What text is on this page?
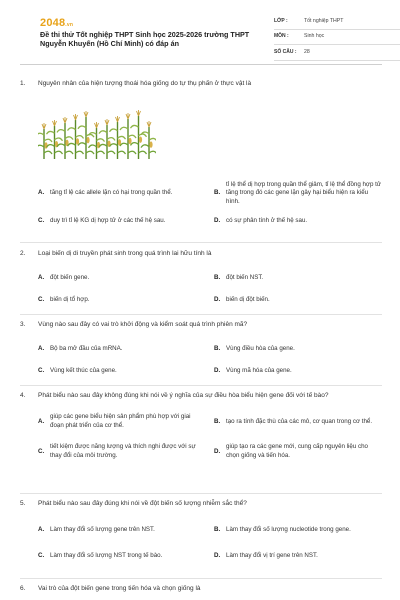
2048.vn
Đề thi thử Tốt nghiệp THPT Sinh học 2025-2026 trường THPT Nguyễn Khuyến (Hồ Chí Minh) có đáp án
LỚP :	Tốt nghiệp THPT
MÔN :	Sinh học
SỐ CÂU :	28
1.	Nguyên nhân của hiện tượng thoái hóa giống do tự thụ phấn ở thực vật là
A. tăng tỉ lệ các allele lặn có hại trong quần thể.	B.
tỉ lệ thể dị hợp trong quần thể giảm, tỉ lệ thể đồng hợp tử tăng trong đó các gene lặn gây hại biểu hiện ra kiểu hình.
C. duy trì tỉ lệ KG dị hợp tử ở các thế hệ sau.	D. có sự phân tính ở thế hệ sau.
2.	Loại biến dị di truyền phát sinh trong quá trình lai hữu tính là
A. đột biến gene.	B. đột biến NST.
C. biến dị tổ hợp.	D. biến dị đột biến.
3.	Vùng nào sau đây có vai trò khởi động và kiểm soát quá trình phiên mã?
A. Bộ ba mở đầu của mRNA.	B. Vùng điều hòa của gene.
C. Vùng kết thúc của gene.	D. Vùng mã hóa của gene.
4.	Phát biểu nào sau đây không đúng khi nói về ý nghĩa của sự điều hòa biểu hiện gene đối với tế bào?
A.
giúp các gene biểu hiện sản phẩm phù hợp với giai đoạn phát triển của cơ thể.
B. tạo ra tính đặc thù của các mô, cơ quan trong cơ thể.
C.
tiết kiệm được năng lượng và thích nghi được với sự thay đổi của môi trường.
D.
giúp tạo ra các gene mới, cung cấp nguyên liệu cho chọn giống và tiến hóa.
5.	Phát biểu nào sau đây đúng khi nói về đột biến số lượng nhiễm sắc thể?
A. Làm thay đổi số lượng gene trên NST.	B. Làm thay đổi số lượng nucleotide trong gene.
C. Làm thay đổi số lượng NST trong tế bào.	D. Làm thay đổi vị trí gene trên NST.
6.	Vai trò của đột biến gene trong tiến hóa và chọn giống là
